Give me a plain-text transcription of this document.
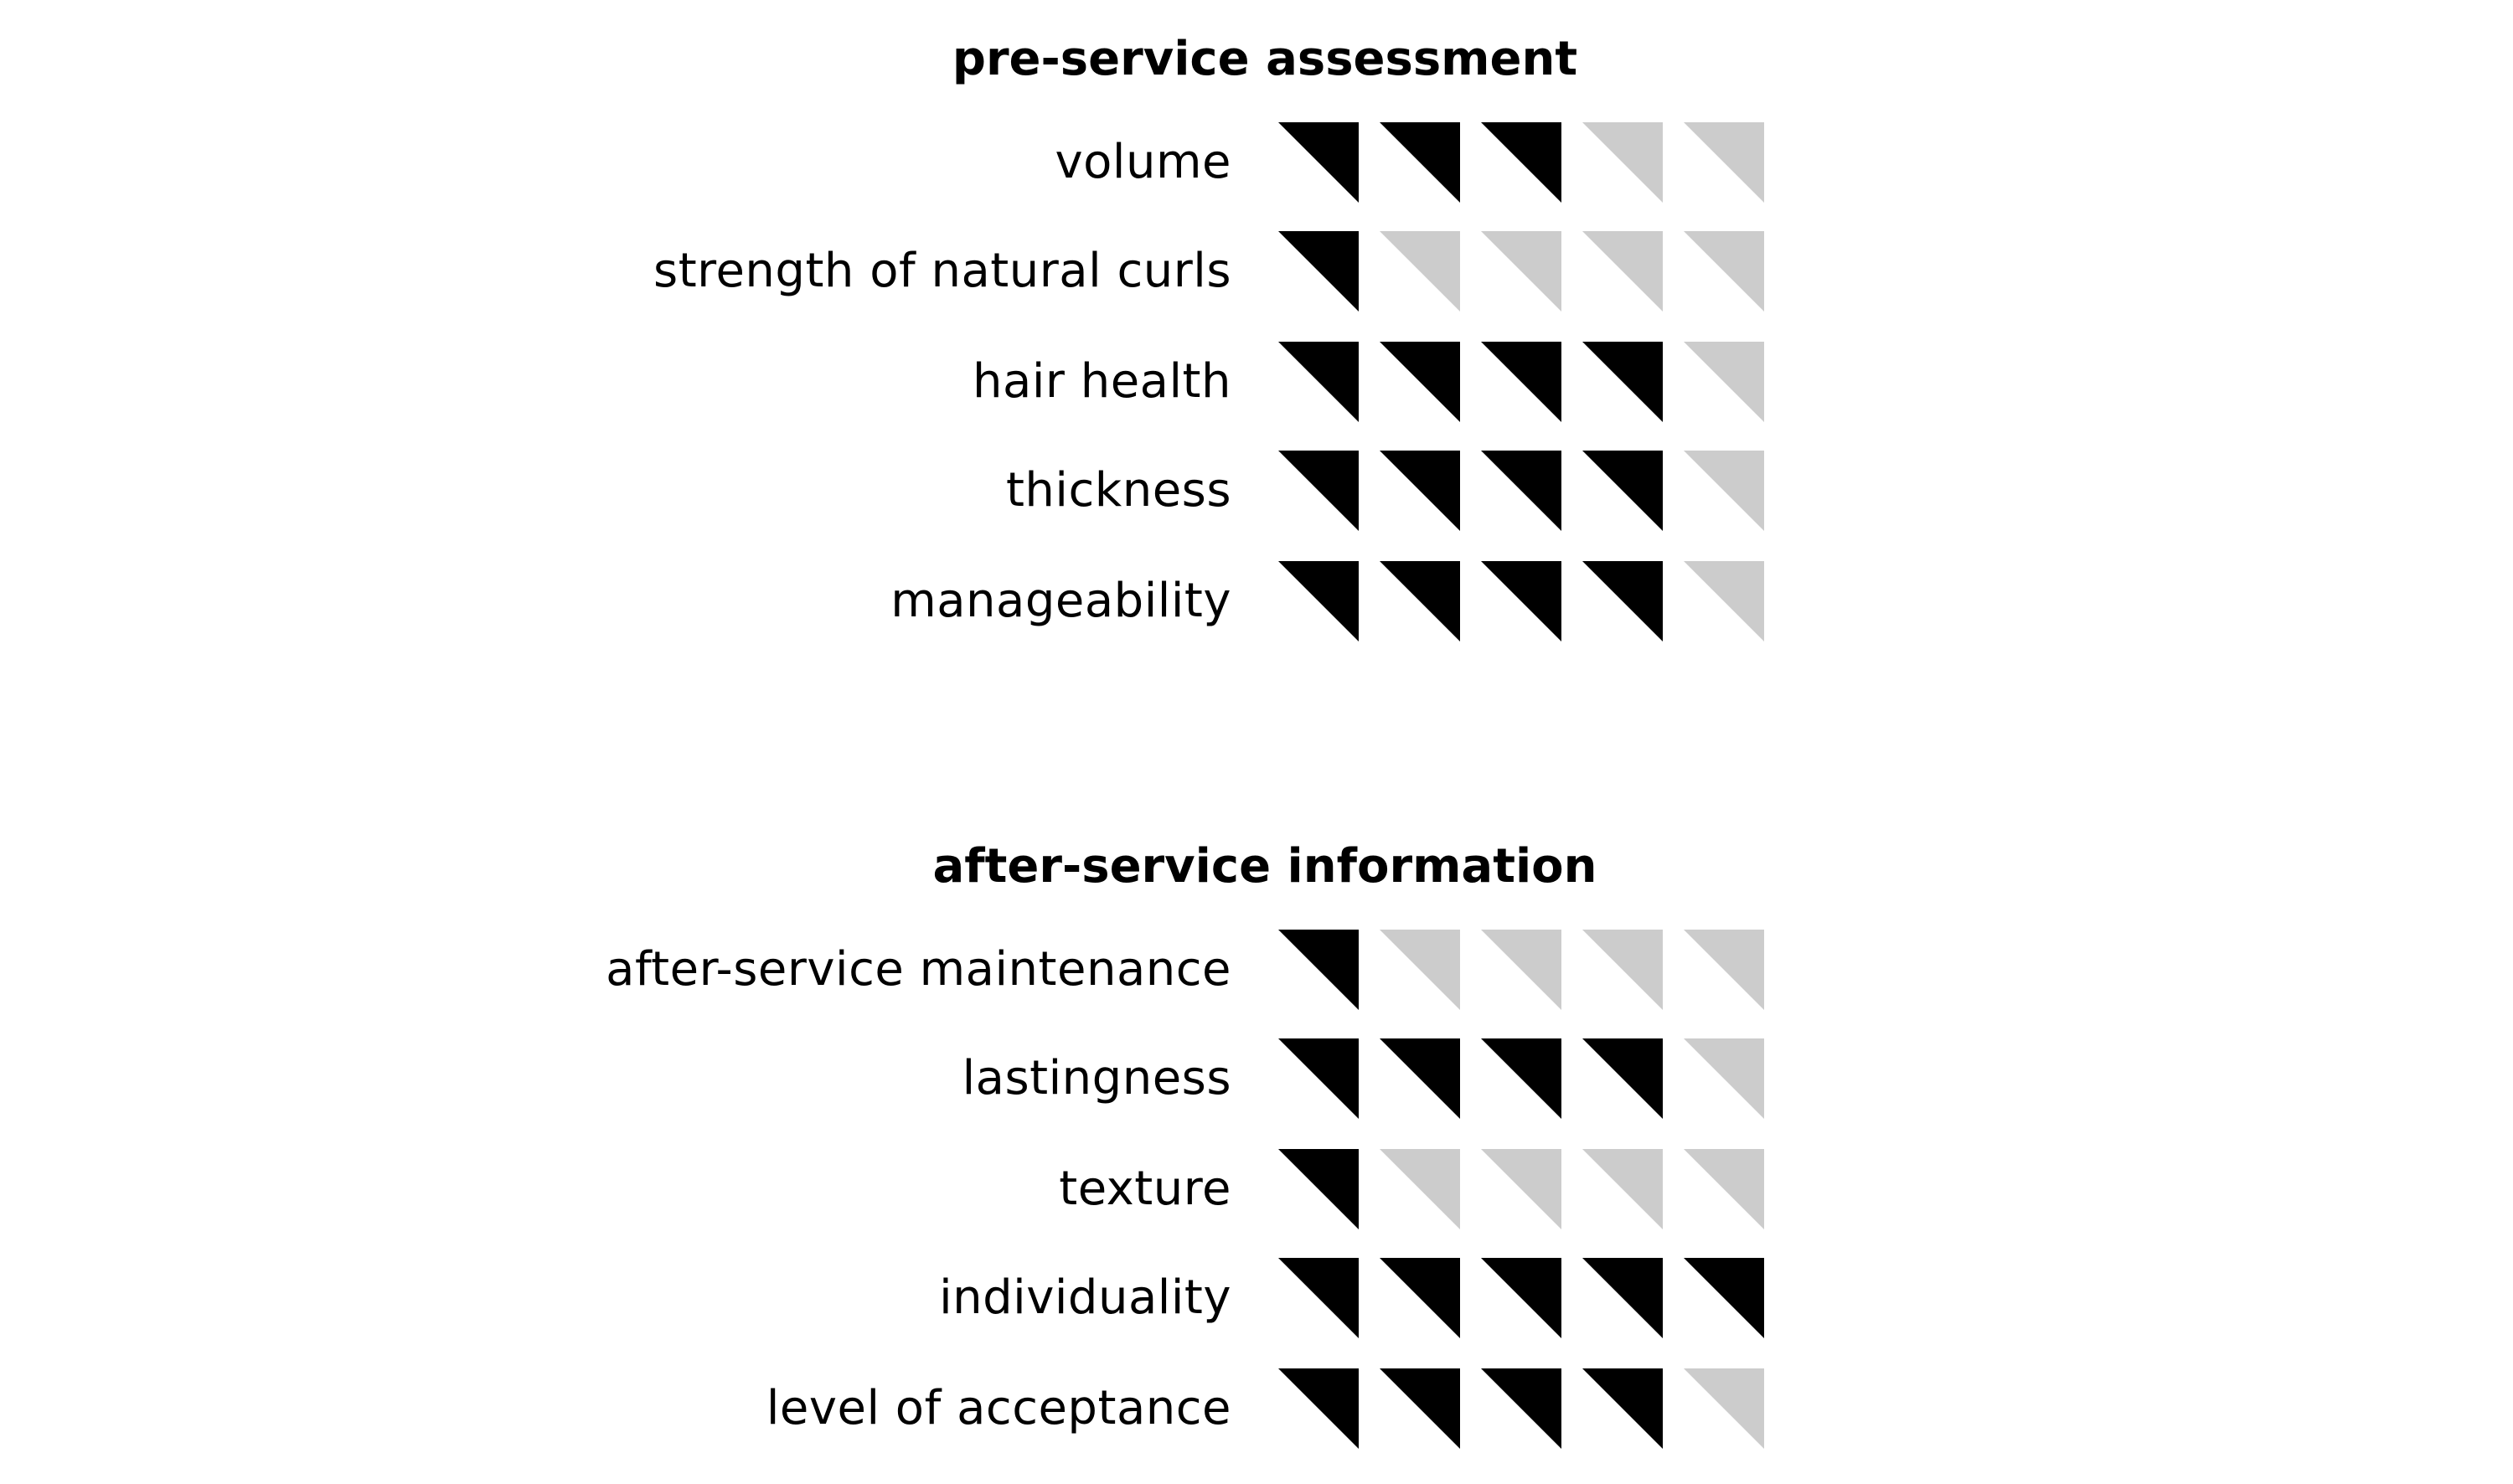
pre-service assessment
volume
strength of natural curls
hair health
thickness
manageability
after-service information
after-service maintenance
lastingness
texture
individuality
level of acceptance
